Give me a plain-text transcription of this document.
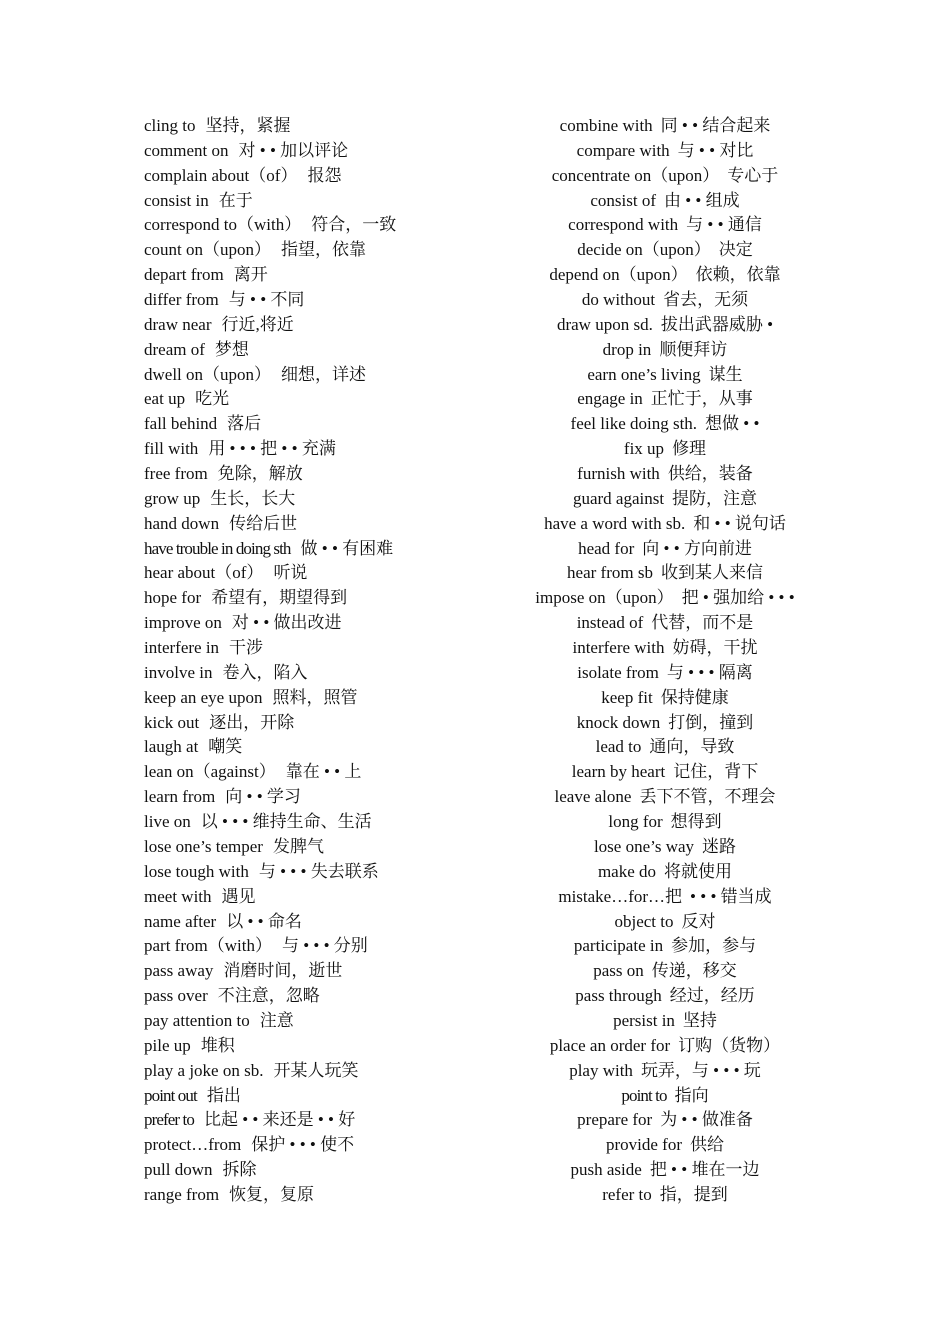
cling to 坚持，紧握
comment on 对 • • 加以评论
complain about（of） 报怨
consist in 在于
correspond to（with） 符合，一致
count on（upon） 指望，依靠
depart from 离开
differ from 与 • • 不同
draw near 行近,将近
dream of 梦想
dwell on（upon） 细想，详述
eat up 吃光
fall behind 落后
fill with 用 • • • 把 • • 充满
free from 免除，解放
grow up 生长，长大
hand down 传给后世
have trouble in doing sth 做 • • 有困难
hear about（of） 听说
hope for 希望有，期望得到
improve on 对 • • 做出改进
interfere in 干涉
involve in 卷入，陷入
keep an eye upon 照料，照管
kick out 逐出，开除
laugh at 嘲笑
lean on（against） 靠在 • • 上
learn from 向 • • 学习
live on 以 • • • 维持生命、生活
lose one’s temper 发脾气
lose tough with 与 • • • 失去联系
meet with 遇见
name after 以 • • 命名
part from（with） 与 • • • 分别
pass away 消磨时间，逝世
pass over 不注意，忽略
pay attention to 注意
pile up 堆积
play a joke on sb. 开某人玩笑
point out 指出
prefer to 比起 • • 来还是 • • 好
protect…from 保护 • • • 使不
pull down 拆除
range from 恢复，复原
combine with 同 • • 结合起来
compare with 与 • • 对比
concentrate on（upon） 专心于
consist of 由 • • 组成
correspond with 与 • • 通信
decide on（upon） 决定
depend on（upon） 依赖，依靠
do without 省去，无须
draw upon sd. 拔出武器威胁 •
drop in 顺便拜访
earn one’s living 谋生
engage in 正忙于，从事
feel like doing sth. 想做 • •
fix up 修理
furnish with 供给，装备
guard against 提防，注意
have a word with sb. 和 • • 说句话
head for 向 • • 方向前进
hear from sb 收到某人来信
impose on（upon） 把 • 强加给 • • •
instead of 代替，而不是
interfere with 妨碍，干扰
isolate from 与 • • • 隔离
keep fit 保持健康
knock down 打倒，撞到
lead to 通向，导致
learn by heart 记住，背下
leave alone 丢下不管，不理会
long for 想得到
lose one’s way 迷路
make do 将就使用
mistake…for…把 • • • 错当成
object to 反对
participate in 参加，参与
pass on 传递，移交
pass through 经过，经历
persist in 坚持
place an order for 订购（货物）
play with 玩弄，与 • • • 玩
point to 指向
prepare for 为 • • 做准备
provide for 供给
push aside 把 • • 堆在一边
refer to 指，提到
